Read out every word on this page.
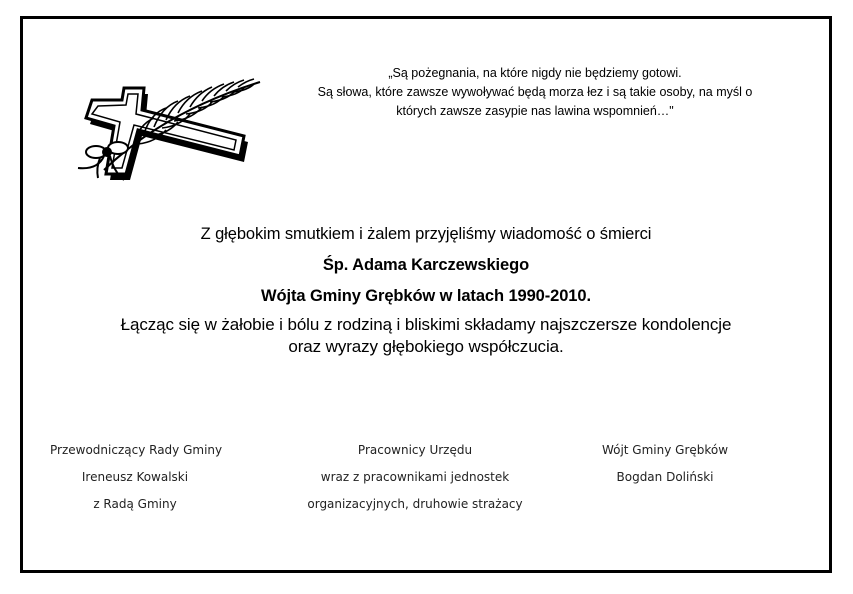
„Są pożegnania, na które nigdy nie będziemy gotowi.
Są słowa, które zawsze wywoływać będą morza łez i są takie osoby, na myśl o
których zawsze zasypie nas lawina wspomnień…"
Z głębokim smutkiem i żalem przyjęliśmy wiadomość o śmierci
Śp. Adama Karczewskiego
Wójta Gminy Grębków w latach 1990-2010.
Łącząc się w żałobie i bólu z rodziną i bliskimi składamy najszczersze kondolencje
oraz wyrazy głębokiego współczucia.
Przewodniczący Rady Gminy
Ireneusz Kowalski
z Radą Gminy
Pracownicy Urzędu
wraz z pracownikami jednostek
organizacyjnych, druhowie strażacy
Wójt Gminy Grębków
Bogdan Doliński
